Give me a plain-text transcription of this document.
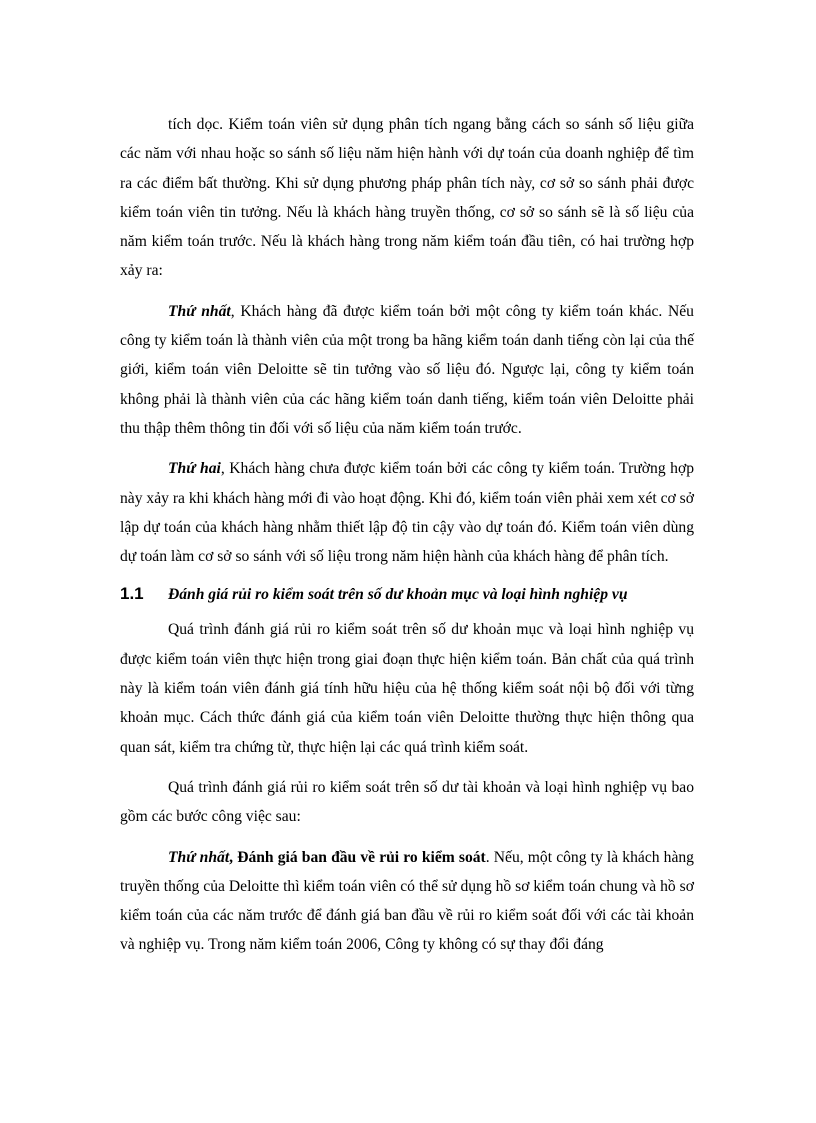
tích dọc. Kiểm toán viên sử dụng phân tích ngang bằng cách so sánh số liệu giữa các năm với nhau hoặc so sánh số liệu năm hiện hành với dự toán của doanh nghiệp để tìm ra các điểm bất thường. Khi sử dụng phương pháp phân tích này, cơ sở so sánh phải được kiểm toán viên tin tưởng. Nếu là khách hàng truyền thống, cơ sở so sánh sẽ là số liệu của năm kiểm toán trước. Nếu là khách hàng trong năm kiểm toán đầu tiên, có hai trường hợp xảy ra:

Thứ nhất, Khách hàng đã được kiểm toán bởi một công ty kiểm toán khác. Nếu công ty kiểm toán là thành viên của một trong ba hãng kiểm toán danh tiếng còn lại của thế giới, kiểm toán viên Deloitte sẽ tin tưởng vào số liệu đó. Ngược lại, công ty kiểm toán không phải là thành viên của các hãng kiểm toán danh tiếng, kiểm toán viên Deloitte phải thu thập thêm thông tin đối với số liệu của năm kiểm toán trước.

Thứ hai, Khách hàng chưa được kiểm toán bởi các công ty kiểm toán. Trường hợp này xảy ra khi khách hàng mới đi vào hoạt động. Khi đó, kiểm toán viên phải xem xét cơ sở lập dự toán của khách hàng nhằm thiết lập độ tin cậy vào dự toán đó. Kiểm toán viên dùng dự toán làm cơ sở so sánh với số liệu trong năm hiện hành của khách hàng để phân tích.

1.1 Đánh giá rủi ro kiểm soát trên số dư khoản mục và loại hình nghiệp vụ

Quá trình đánh giá rủi ro kiểm soát trên số dư khoản mục và loại hình nghiệp vụ được kiểm toán viên thực hiện trong giai đoạn thực hiện kiểm toán. Bản chất của quá trình này là kiểm toán viên đánh giá tính hữu hiệu của hệ thống kiểm soát nội bộ đối với từng khoản mục. Cách thức đánh giá của kiểm toán viên Deloitte thường thực hiện thông qua quan sát, kiểm tra chứng từ, thực hiện lại các quá trình kiểm soát.

Quá trình đánh giá rủi ro kiểm soát trên số dư tài khoản và loại hình nghiệp vụ bao gồm các bước công việc sau:

Thứ nhất, Đánh giá ban đầu về rủi ro kiểm soát. Nếu, một công ty là khách hàng truyền thống của Deloitte thì kiểm toán viên có thể sử dụng hồ sơ kiểm toán chung và hồ sơ kiểm toán của các năm trước để đánh giá ban đầu về rủi ro kiểm soát đối với các tài khoản và nghiệp vụ. Trong năm kiểm toán 2006, Công ty không có sự thay đổi đáng
